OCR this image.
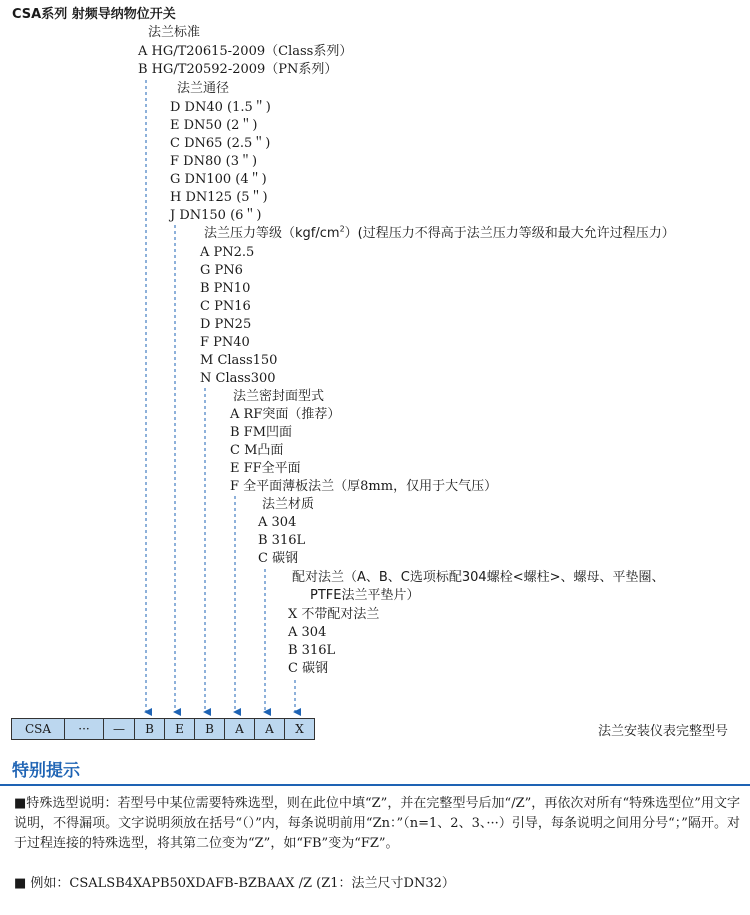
CSA系列 射频导纳物位开关
法兰标准
A HG/T20615-2009（Class系列）
B HG/T20592-2009（PN系列）
法兰通径
D DN40 (1.5＂)
E DN50 (2＂)
C DN65 (2.5＂)
F DN80 (3＂)
G DN100 (4＂)
H DN125 (5＂)
J DN150 (6＂)
法兰压力等级$(kgf/cm^2)$(过程压力不得高于法兰压力等级和最大允许过程压力）
A PN2.5
G PN6
B PN10
C PN16
D PN25
F PN40
M Class150
N Class300
法兰密封面型式
A RF突面（推荐）
B FM凹面
C M凸面
E FF全平面
F 全平面薄板法兰（厚8mm，仅用于大气压）
法兰材质
A 304
B 316L
C 碳钢
配对法兰（A、B、C选项标配304螺栓<螺柱>、螺母、平垫圈、
PTFE法兰平垫片）
X 不带配对法兰
A 304
B 316L
C 碳钢
CSA	···	—	B	E	B	A	A	X	法兰安装仪表完整型号
特别提示
■特殊选型说明：若型号中某位需要特殊选型，则在此位中填“Z”，并在完整型号后加“/Z”，再依次对所有“特殊选型位”用文字说明，不得漏项。文字说明须放在括号“（）”内，每条说明前用“Zn：”（n=1、2、3、···）引导，每条说明之间用分号“；”隔开。对于过程连接的特殊选型，将其第二位变为“Z”，如“FB”变为“FZ”。
■ 例如：CSALSB4XAPB50XDAFB-BZBAAX /Z (Z1：法兰尺寸DN32）
